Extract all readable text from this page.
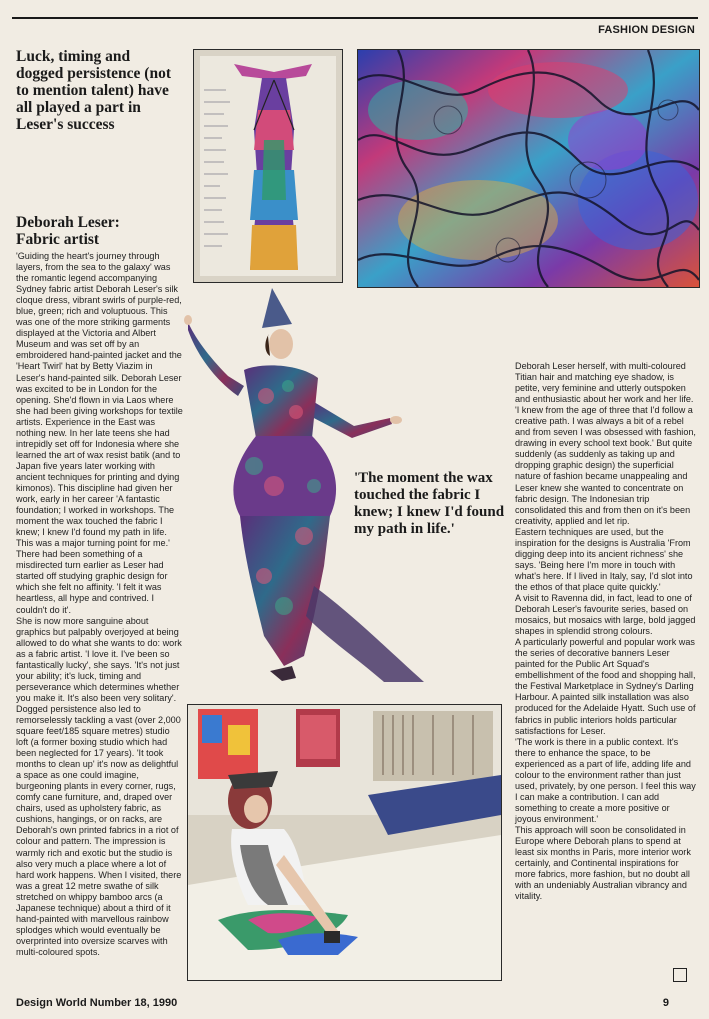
FASHION DESIGN
Luck, timing and dogged persistence (not to mention talent) have all played a part in Leser's success
Deborah Leser:
Fabric artist

'Guiding the heart's journey through layers, from the sea to the galaxy' was the romantic legend accompanying Sydney fabric artist Deborah Leser's silk cloque dress, vibrant swirls of purple-red, blue, green; rich and voluptuous. This was one of the more striking garments displayed at the Victoria and Albert Museum and was set off by an embroidered hand-painted jacket and the 'Heart Twirl' hat by Betty Viazim in Leser's hand-painted silk. Deborah Leser was excited to be in London for the opening. She'd flown in via Laos where she had been giving workshops for textile artists. Experience in the East was nothing new. In her late teens she had intrepidly set off for Indonesia where she learned the art of wax resist batik (and to Japan five years later working with ancient techniques for printing and dying kimonos). This discipline had given her work, early in her career 'A fantastic foundation; I worked in workshops. The moment the wax touched the fabric I knew; I knew I'd found my path in life. This was a major turning point for me.' There had been something of a misdirected turn earlier as Leser had started off studying graphic design for which she felt no affinity. 'I felt it was heartless, all hype and contrived. I couldn't do it'.

She is now more sanguine about graphics but palpably overjoyed at being allowed to do what she wants to do: work as a fabric artist. 'I love it. I've been so fantastically lucky', she says. 'It's not just your ability; it's luck, timing and perseverance which determines whether you make it. It's also been very solitary'.

Dogged persistence also led to remorselessly tackling a vast (over 2,000 square feet/185 square metres) studio loft (a former boxing studio which had been neglected for 17 years). 'It took months to clean up' it's now as delightful a space as one could imagine, burgeoning plants in every corner, rugs, comfy cane furniture, and, draped over chairs, used as upholstery fabric, as cushions, hangings, or on racks, are Deborah's own printed fabrics in a riot of colour and pattern. The impression is warmly rich and exotic but the studio is also very much a place where a lot of hard work happens. When I visited, there was a great 12 metre swathe of silk stretched on whippy bamboo arcs (a Japanese technique) about a third of it hand-painted with marvellous rainbow splodges which would eventually be overprinted into oversize scarves with multi-coloured spots.

'The moment the wax touched the fabric I knew; I knew I'd found my path in life.'

Deborah Leser herself, with multi-coloured Titian hair and matching eye shadow, is petite, very feminine and utterly outspoken and enthusiastic about her work and her life.

'I knew from the age of three that I'd follow a creative path. I was always a bit of a rebel and from seven I was obsessed with fashion, drawing in every school text book.' But quite suddenly (as suddenly as taking up and dropping graphic design) the superficial nature of fashion became unappealing and Leser knew she wanted to concentrate on fabric design. The Indonesian trip consolidated this and from then on it's been creativity, applied and let rip.

Eastern techniques are used, but the inspiration for the designs is Australia 'From digging deep into its ancient richness' she says. 'Being here I'm more in touch with what's here. If I lived in Italy, say, I'd slot into the ethos of that place quite quickly.'

A visit to Ravenna did, in fact, lead to one of Deborah Leser's favourite series, based on mosaics, but mosaics with large, bold jagged shapes in splendid strong colours.

A particularly powerful and popular work was the series of decorative banners Leser painted for the Public Art Squad's embellishment of the food and shopping hall, the Festival Marketplace in Sydney's Darling Harbour. A painted silk installation was also produced for the Adelaide Hyatt. Such use of fabrics in public interiors holds particular satisfactions for Leser.

'The work is there in a public context. It's there to enhance the space, to be experienced as a part of life, adding life and colour to the environment rather than just used, privately, by one person. I feel this way I can make a contribution. I can add something to create a more positive or joyous environment.'

This approach will soon be consolidated in Europe where Deborah plans to spend at least six months in Paris, more interior work certainly, and Continental inspirations for more fabrics, more fashion, but no doubt all with an undeniably Australian vibrancy and vitality.

Design World Number 18, 1990	9
